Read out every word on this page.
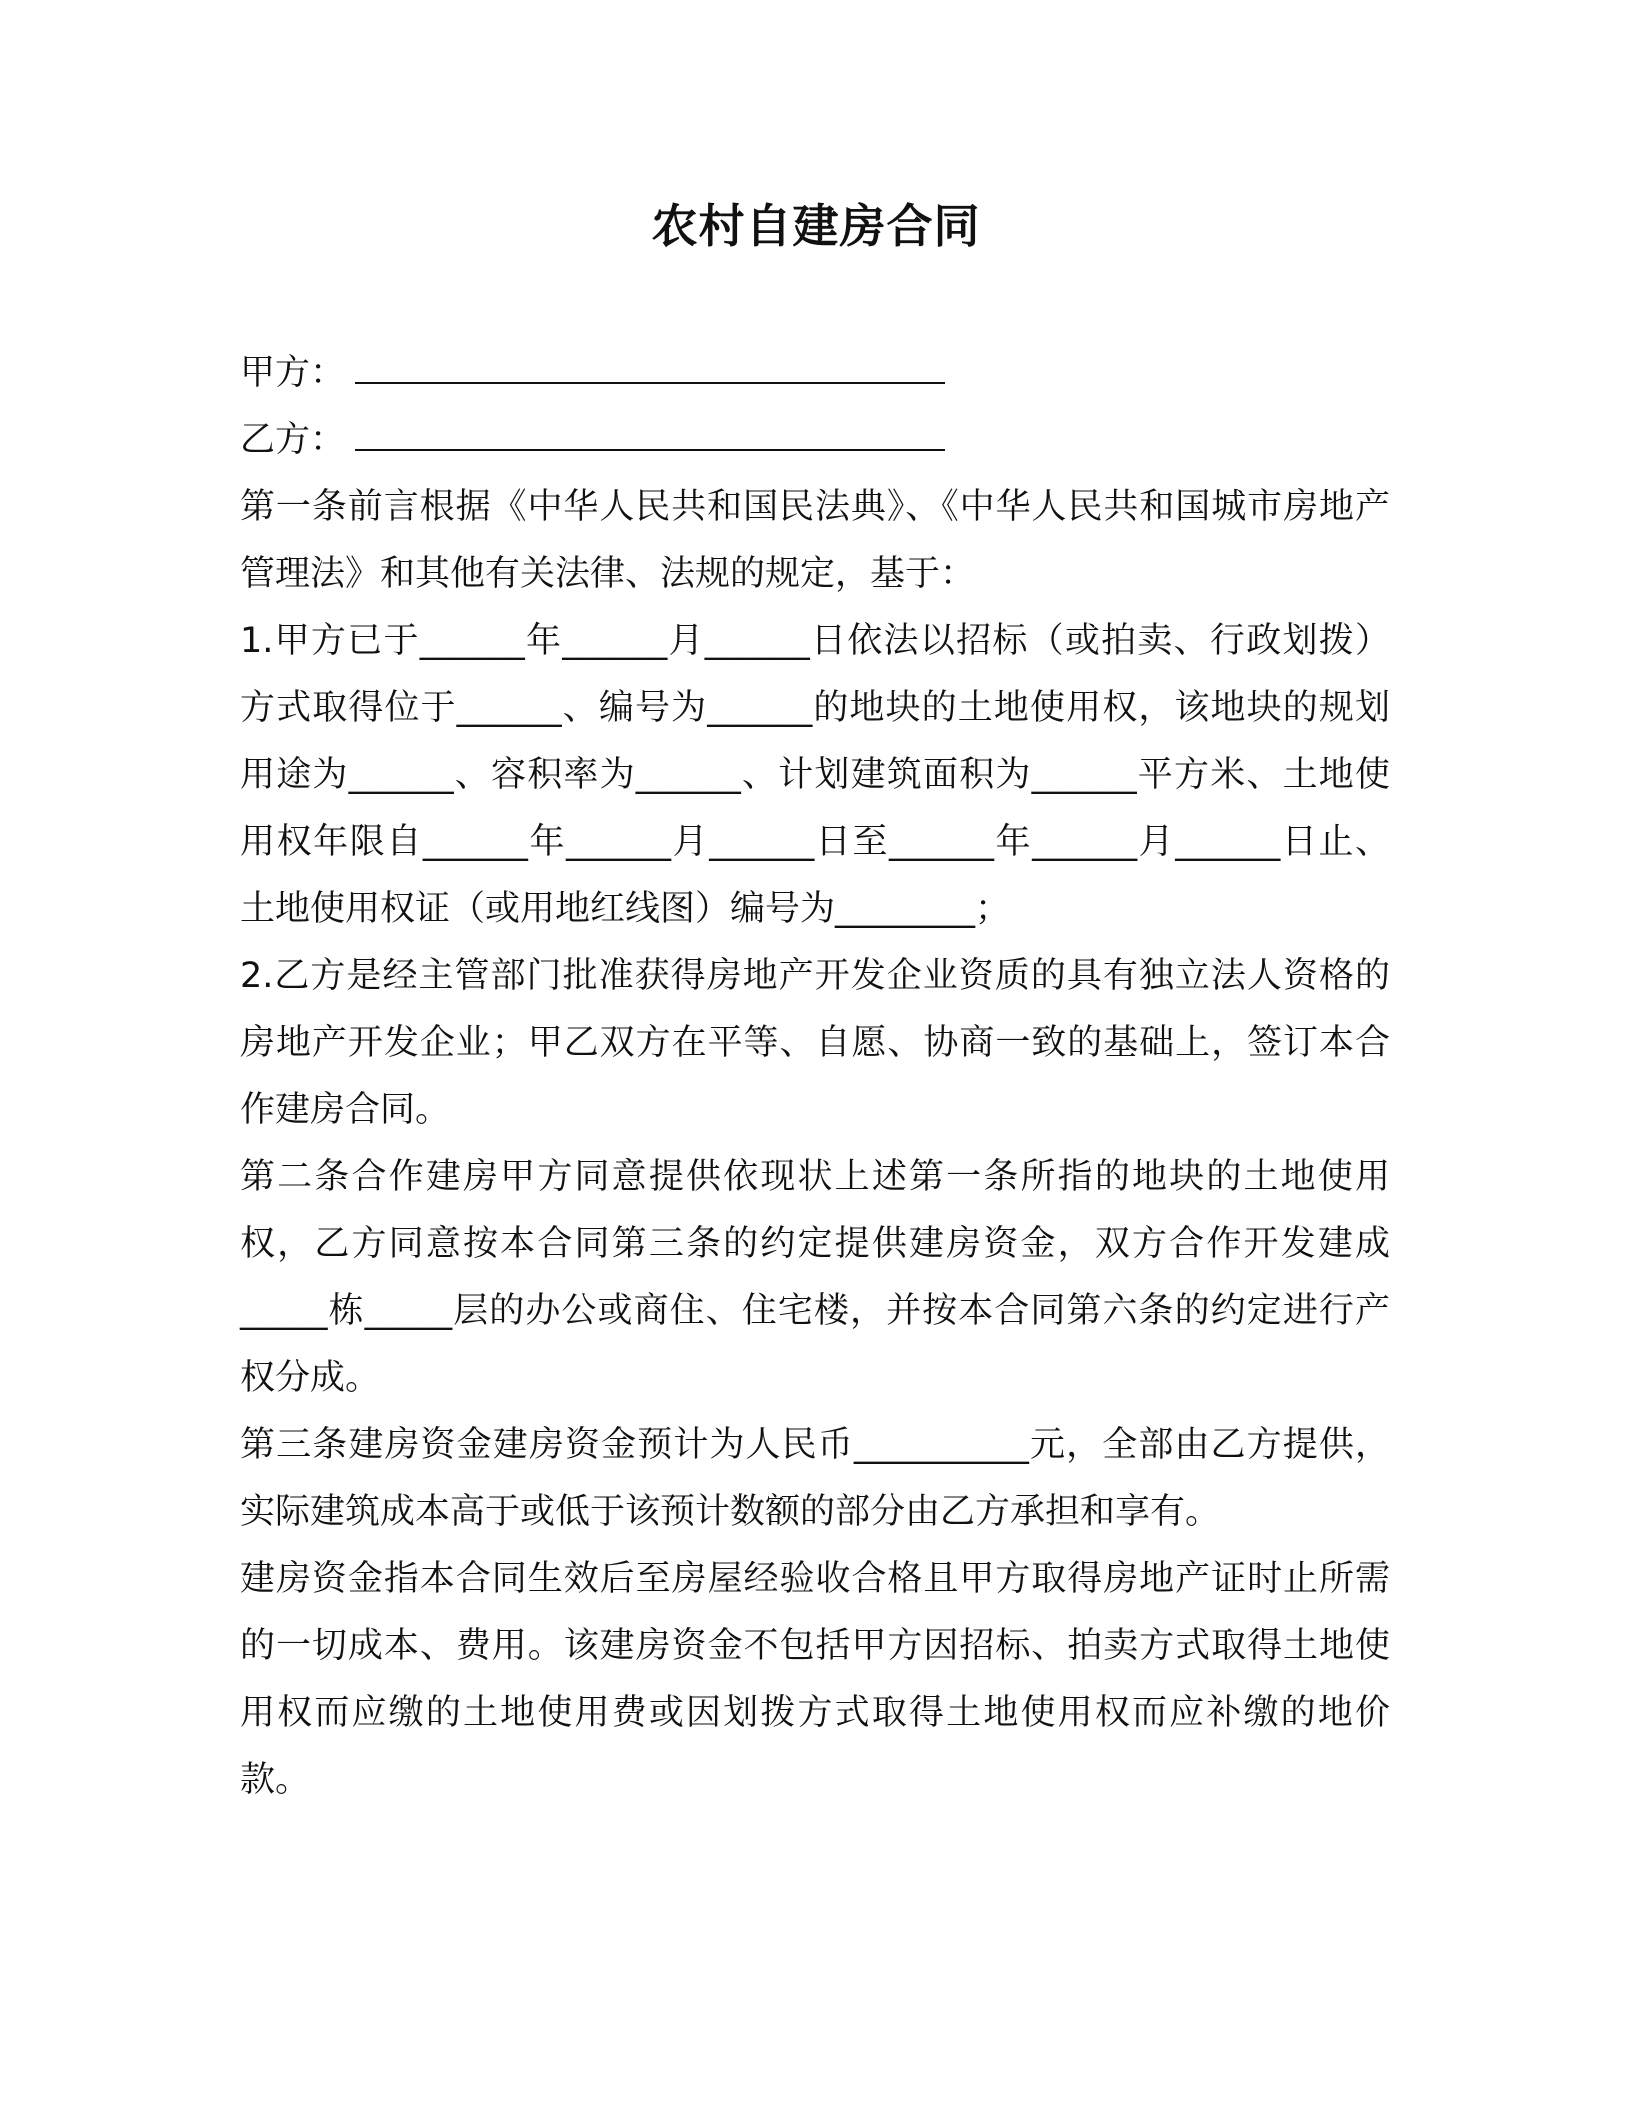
农村自建房合同
甲方：
乙方：
第一条前言根据《中华人民共和国民法典》、《中华人民共和国城市房地产管理法》和其他有关法律、法规的规定，基于：
1.甲方已于______年______月______日依法以招标（或拍卖、行政划拨）方式取得位于______、编号为______的地块的土地使用权，该地块的规划用途为______、容积率为______、计划建筑面积为______平方米、土地使用权年限自______年______月______日至______年______月______日止、土地使用权证（或用地红线图）编号为________；
2.乙方是经主管部门批准获得房地产开发企业资质的具有独立法人资格的房地产开发企业；甲乙双方在平等、自愿、协商一致的基础上，签订本合作建房合同。
第二条合作建房甲方同意提供依现状上述第一条所指的地块的土地使用权，乙方同意按本合同第三条的约定提供建房资金，双方合作开发建成_____栋_____层的办公或商住、住宅楼，并按本合同第六条的约定进行产权分成。
第三条建房资金建房资金预计为人民币__________元，全部由乙方提供，实际建筑成本高于或低于该预计数额的部分由乙方承担和享有。
建房资金指本合同生效后至房屋经验收合格且甲方取得房地产证时止所需的一切成本、费用。该建房资金不包括甲方因招标、拍卖方式取得土地使用权而应缴的土地使用费或因划拨方式取得土地使用权而应补缴的地价款。
